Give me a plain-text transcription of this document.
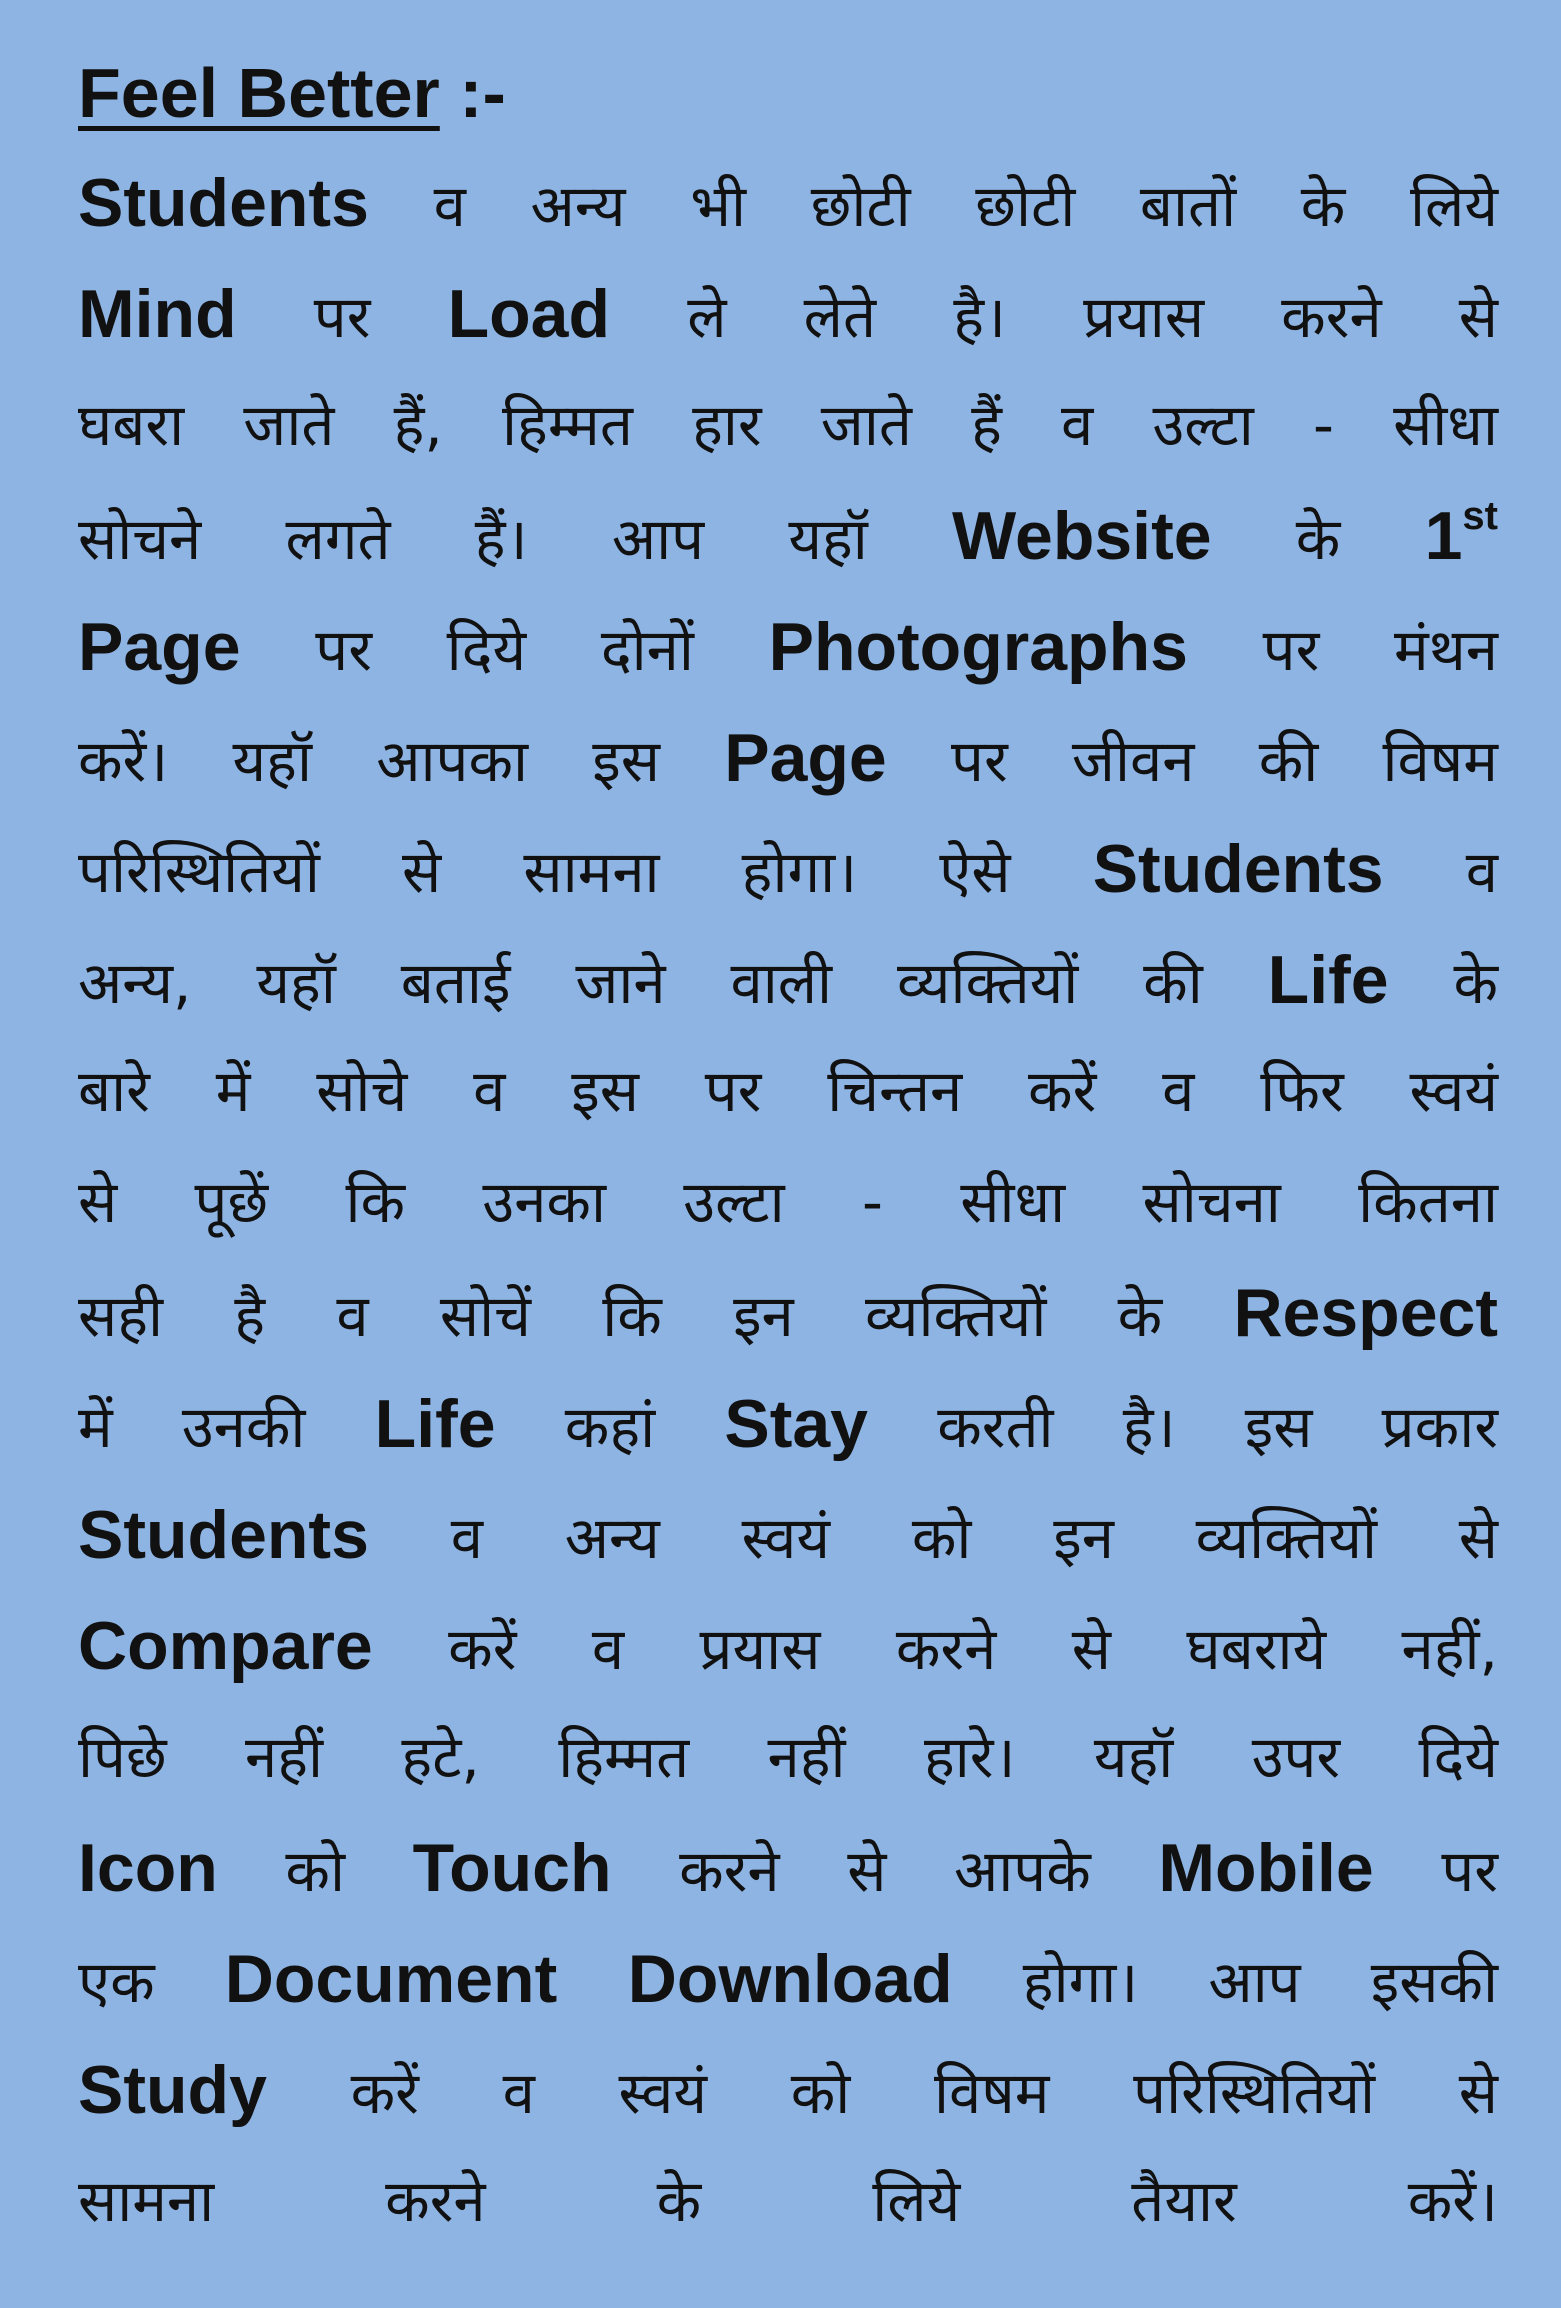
Feel Better :-
Students व अन्य भी छोटी छोटी बातों के लिये
Mind पर Load ले लेते है। प्रयास करने से
घबरा जाते हैं, हिम्मत हार जाते हैं व उल्टा - सीधा
सोचने लगते हैं। आप यहॉ Website के 1st
Page पर दिये दोनों Photographs पर मंथन
करें। यहॉ आपका इस Page पर जीवन की विषम
परिस्थितियों से सामना होगा। ऐसे Students व
अन्य, यहॉ बताई जाने वाली व्यक्तियों की Life के
बारे में सोचे व इस पर चिन्तन करें व फिर स्वयं
से पूछें कि उनका उल्टा - सीधा सोचना कितना
सही है व सोचें कि इन व्यक्तियों के Respect
में उनकी Life कहां Stay करती है। इस प्रकार
Students व अन्य स्वयं को इन व्यक्तियों से
Compare करें व प्रयास करने से घबराये नहीं,
पिछे नहीं हटे, हिम्मत नहीं हारे। यहॉ उपर दिये
Icon को Touch करने से आपके Mobile पर
एक Document Download होगा। आप इसकी
Study करें व स्वयं को विषम परिस्थितियों से
सामना करने के लिये तैयार करें।
